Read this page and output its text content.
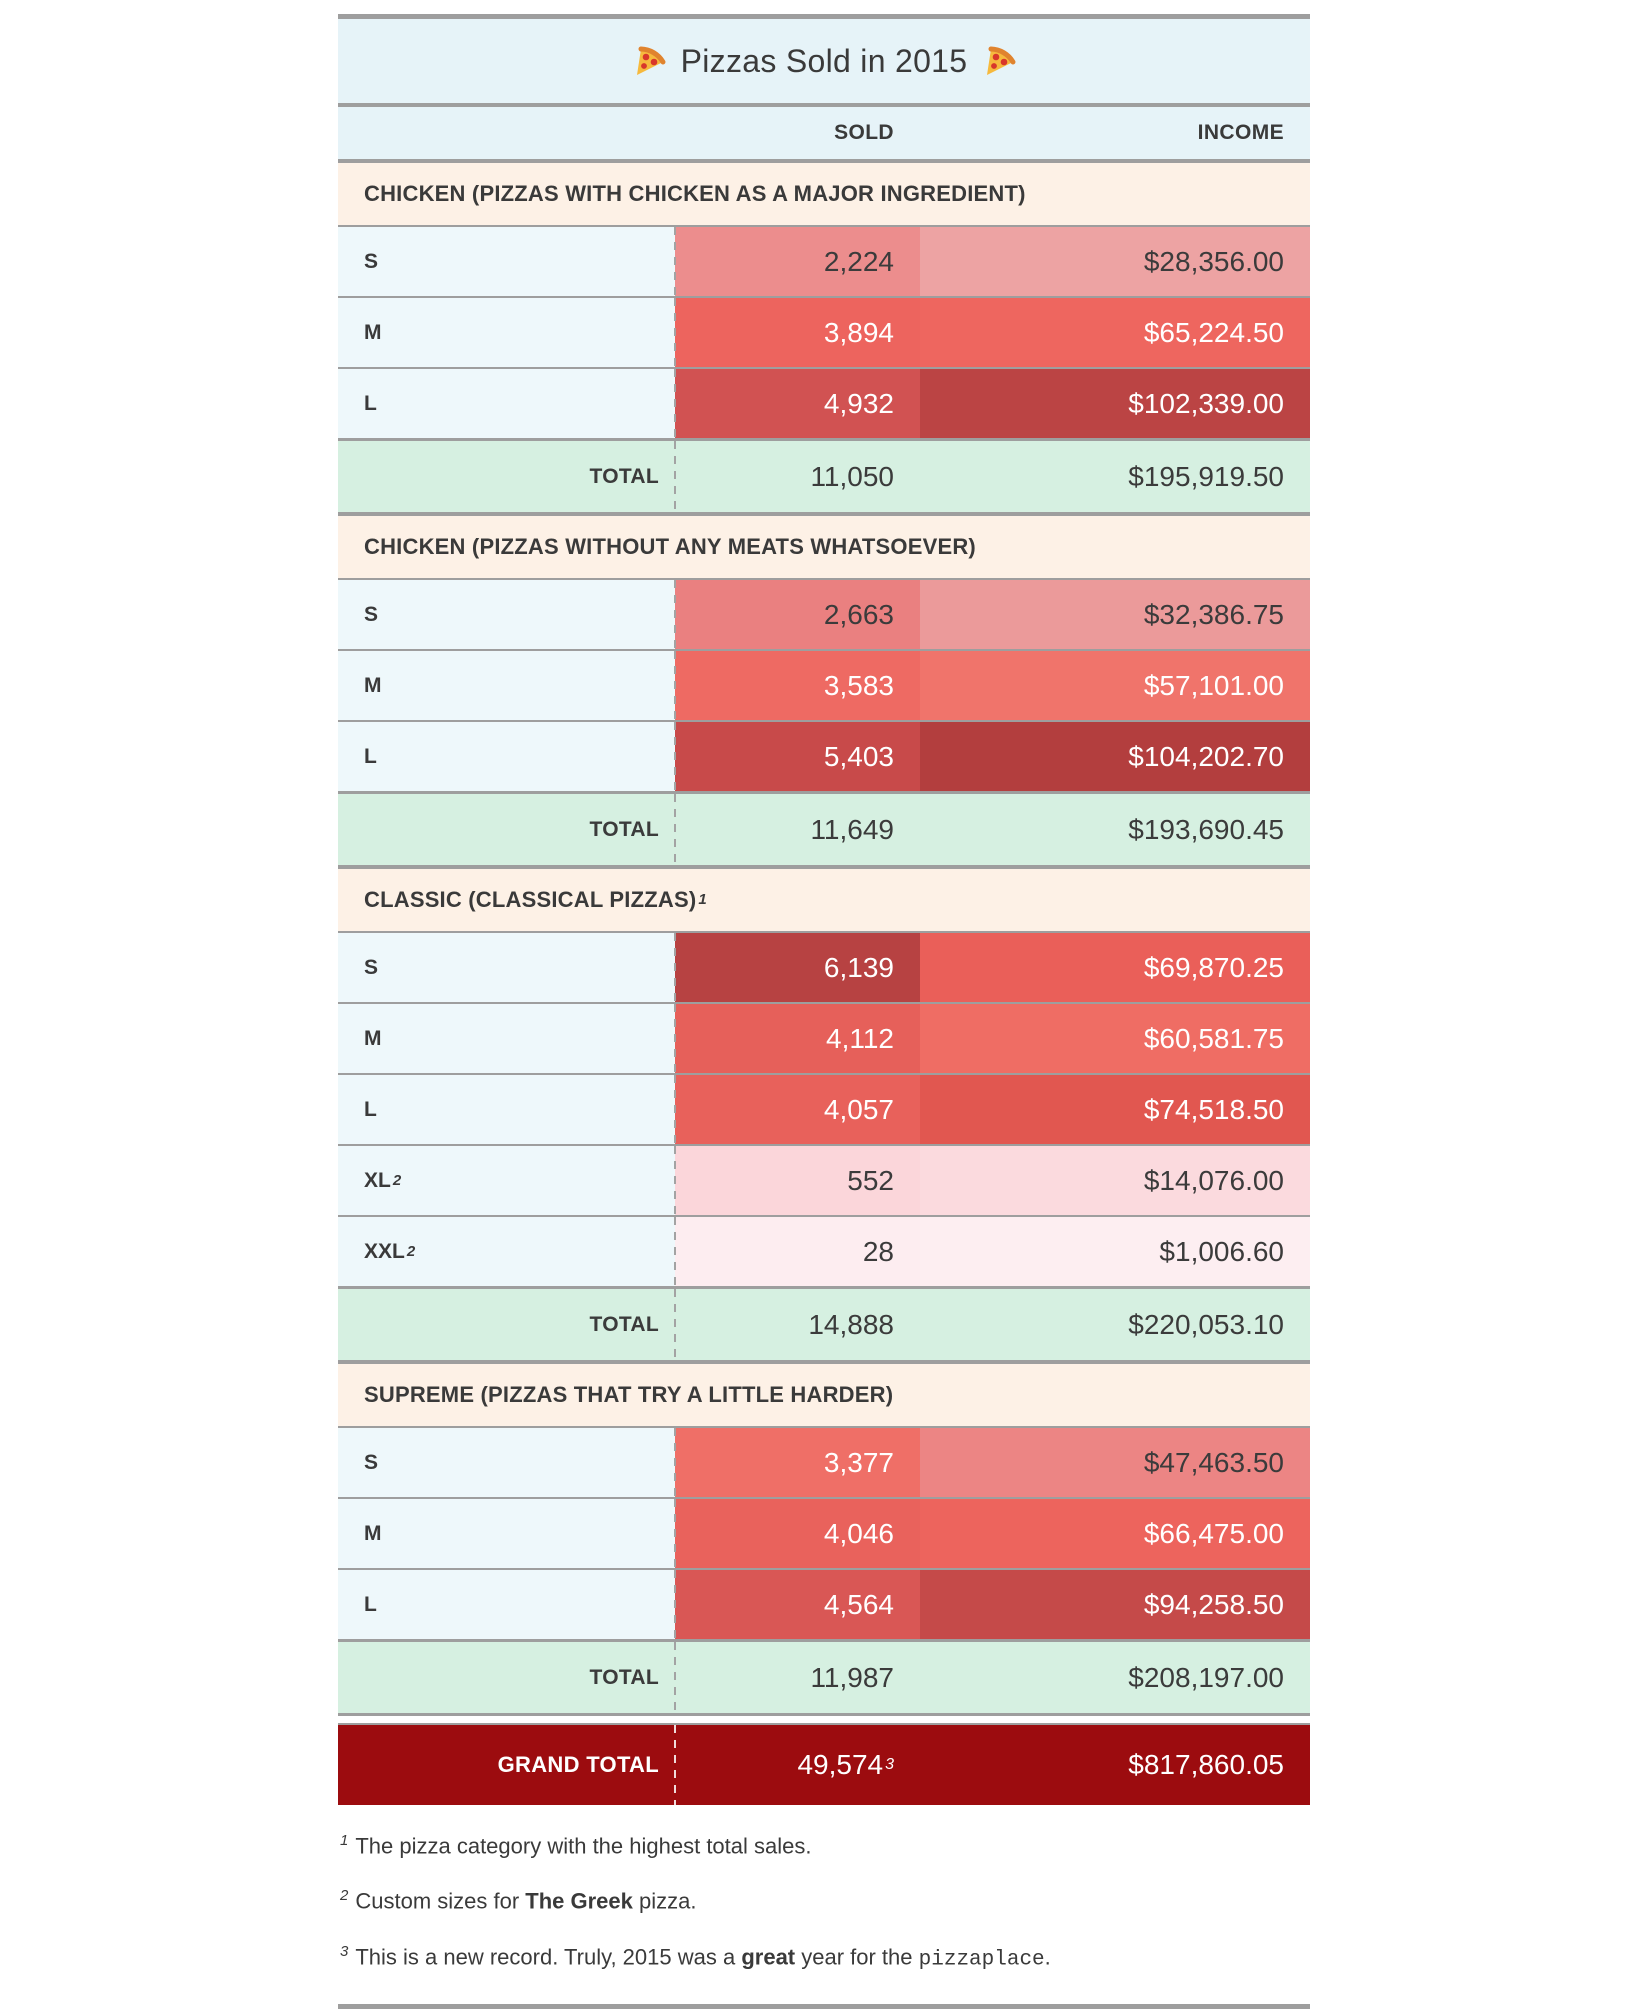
Pizzas Sold in 2015
SOLD	INCOME
CHICKEN (PIZZAS WITH CHICKEN AS A MAJOR INGREDIENT)
S	2,224	$28,356.00
M	3,894	$65,224.50
L	4,932	$102,339.00
TOTAL	11,050	$195,919.50
CHICKEN (PIZZAS WITHOUT ANY MEATS WHATSOEVER)
S	2,663	$32,386.75
M	3,583	$57,101.00
L	5,403	$104,202.70
TOTAL	11,649	$193,690.45
CLASSIC (CLASSICAL PIZZAS) 1
S	6,139	$69,870.25
M	4,112	$60,581.75
L	4,057	$74,518.50
XL 2	552	$14,076.00
XXL 2	28	$1,006.60
TOTAL	14,888	$220,053.10
SUPREME (PIZZAS THAT TRY A LITTLE HARDER)
S	3,377	$47,463.50
M	4,046	$66,475.00
L	4,564	$94,258.50
TOTAL	11,987	$208,197.00
GRAND TOTAL	49,574 3	$817,860.05

$^1$ The pizza category with the highest total sales.

$^2$ Custom sizes for The Greek pizza.

$^3$ This is a new record. Truly, 2015 was a great year for the pizzaplace.
